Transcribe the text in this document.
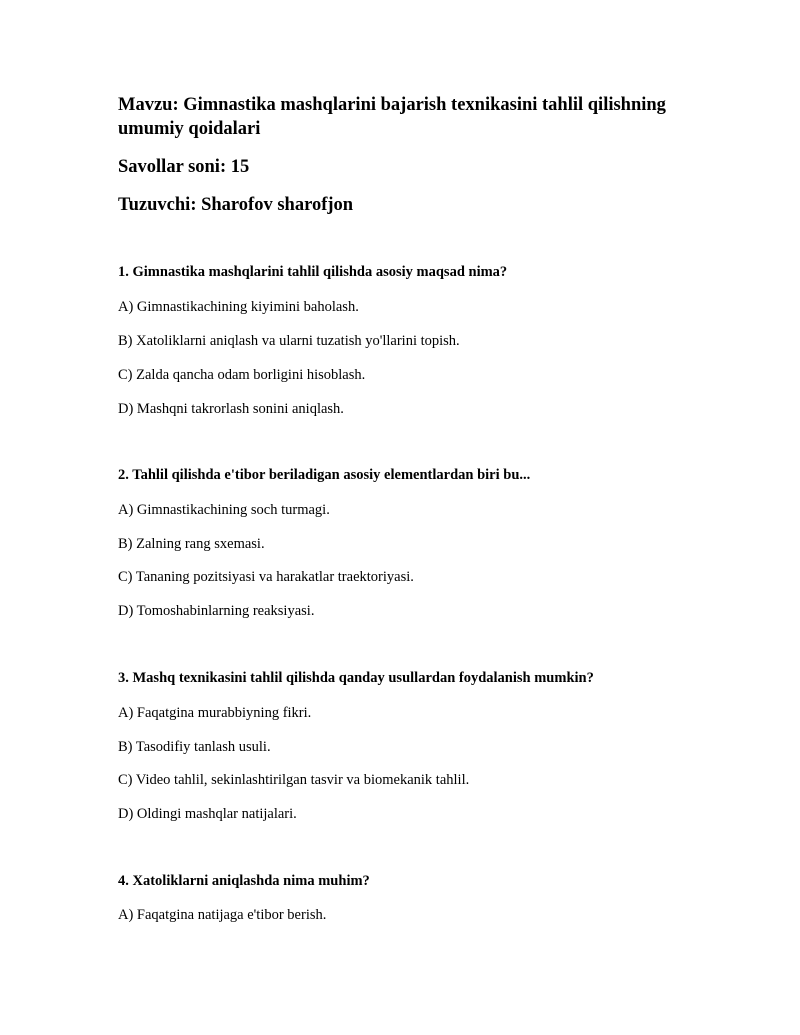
Mavzu: Gimnastika mashqlarini bajarish texnikasini tahlil qilishning umumiy qoidalari

Savollar soni: 15

Tuzuvchi: Sharofov sharofjon

1. Gimnastika mashqlarini tahlil qilishda asosiy maqsad nima?

A) Gimnastikachining kiyimini baholash.

B) Xatoliklarni aniqlash va ularni tuzatish yo'llarini topish.

C) Zalda qancha odam borligini hisoblash.

D) Mashqni takrorlash sonini aniqlash.

2. Tahlil qilishda e'tibor beriladigan asosiy elementlardan biri bu...

A) Gimnastikachining soch turmagi.

B) Zalning rang sxemasi.

C) Tananing pozitsiyasi va harakatlar traektoriyasi.

D) Tomoshabinlarning reaksiyasi.

3. Mashq texnikasini tahlil qilishda qanday usullardan foydalanish mumkin?

A) Faqatgina murabbiyning fikri.

B) Tasodifiy tanlash usuli.

C) Video tahlil, sekinlashtirilgan tasvir va biomekanik tahlil.

D) Oldingi mashqlar natijalari.

4. Xatoliklarni aniqlashda nima muhim?

A) Faqatgina natijaga e'tibor berish.
